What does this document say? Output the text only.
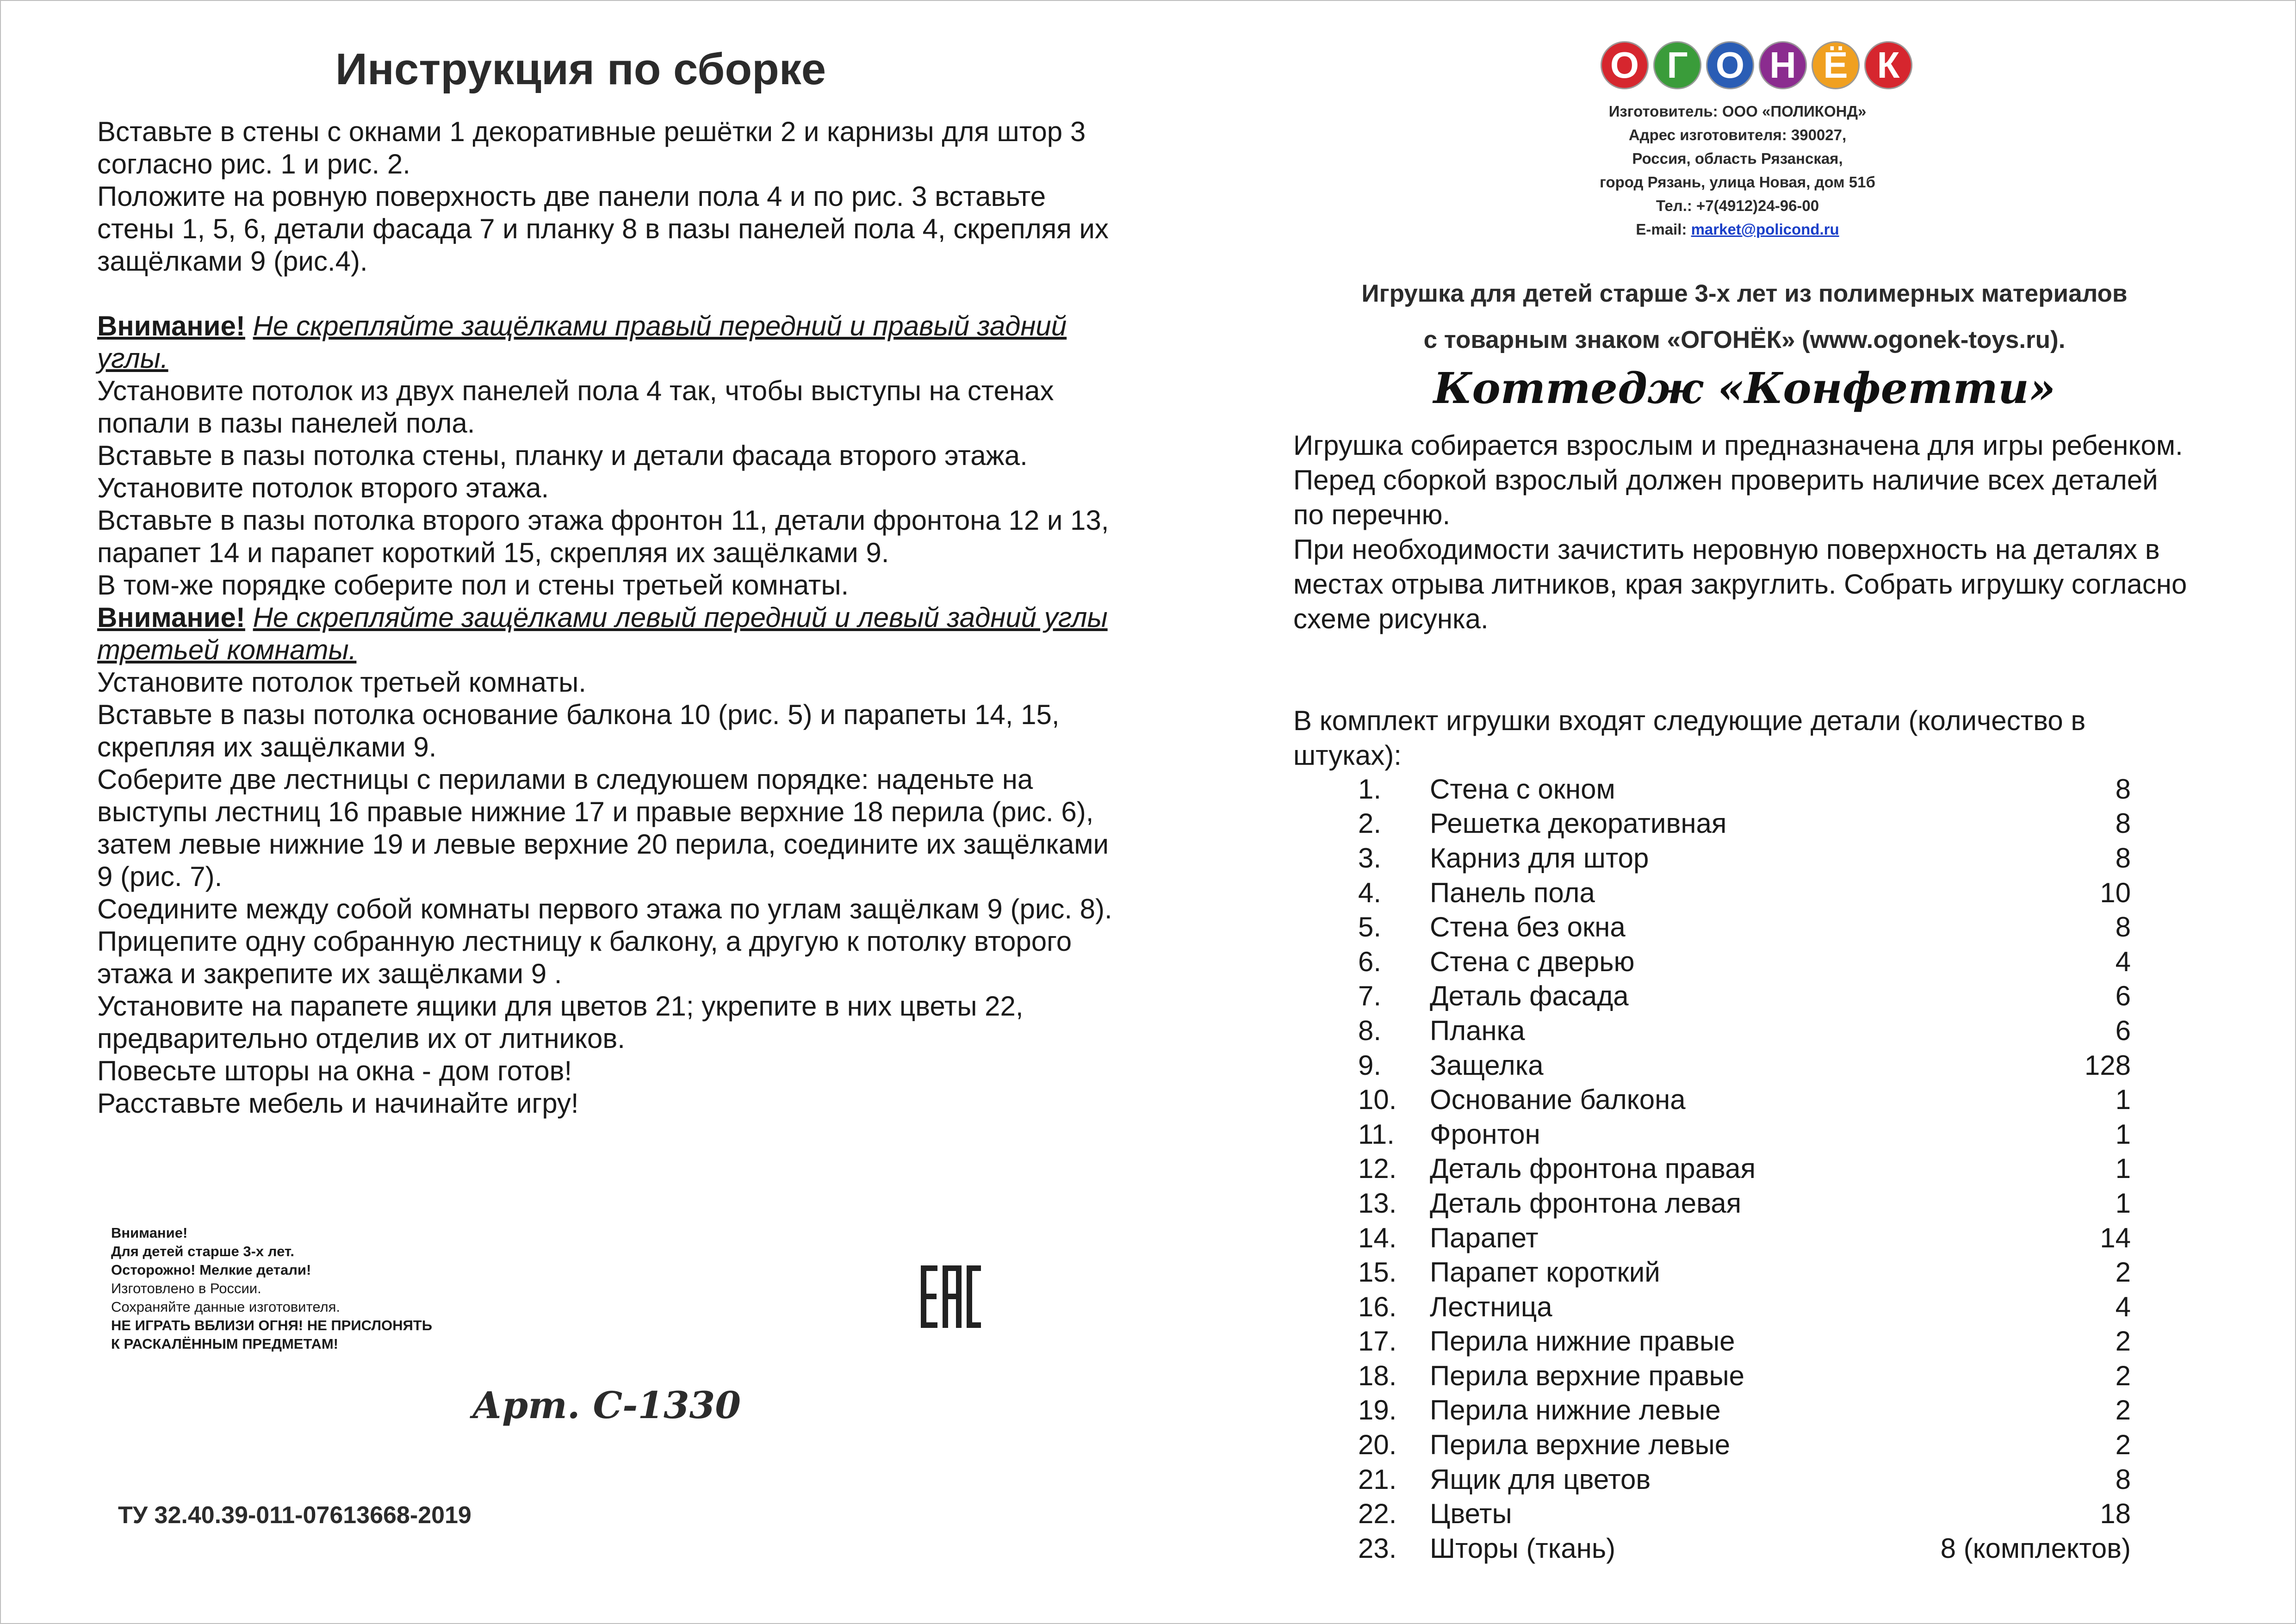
Инструкция по сборке

Вставьте в стены с окнами 1 декоративные решётки 2 и карнизы для штор 3 согласно рис. 1 и рис. 2.

Положите на ровную поверхность две панели пола 4 и по рис. 3 вставьте стены 1, 5, 6, детали фасада 7 и планку 8 в пазы панелей пола 4, скрепляя их защёлками 9 (рис.4).

Внимание! Не скрепляйте защёлками правый передний и правый задний углы.

Установите потолок из двух панелей пола 4 так, чтобы выступы на стенах попали в пазы панелей пола.

Вставьте в пазы потолка стены, планку и детали фасада второго этажа.

Установите потолок второго этажа.

Вставьте в пазы потолка второго этажа фронтон 11, детали фронтона 12 и 13, парапет 14 и парапет короткий 15, скрепляя их защёлками 9.

В том-же порядке соберите пол и стены третьей комнаты.

Внимание! Не скрепляйте защёлками левый передний и левый задний углы третьей комнаты.

Установите потолок третьей комнаты.

Вставьте в пазы потолка основание балкона 10 (рис. 5) и парапеты 14, 15, скрепляя их защёлками 9.

Соберите две лестницы с перилами в следуюшем порядке: наденьте на выступы лестниц 16 правые нижние 17 и правые верхние 18 перила (рис. 6), затем левые нижние 19 и левые верхние 20 перила, соедините их защёлками 9 (рис. 7).

Соедините между собой комнаты первого этажа по углам защёлкам 9 (рис. 8).

Прицепите одну собранную лестницу к балкону, а другую к потолку второго этажа и закрепите их защёлками 9 .

Установите на парапете ящики для цветов 21; укрепите в них цветы 22, предварительно отделив их от литников.

Повесьте шторы на окна - дом готов!

Расставьте мебель и начинайте игру!

Внимание!
Для детей старше 3-х лет.
Осторожно! Мелкие детали!
Изготовлено в России.
Сохраняйте данные изготовителя.
НЕ ИГРАТЬ ВБЛИЗИ ОГНЯ! НЕ ПРИСЛОНЯТЬ
К РАСКАЛЁННЫМ ПРЕДМЕТАМ!
Арт. С-1330
ТУ 32.40.39-011-07613668-2019
О Г О Н Ё К
Изготовитель: ООО «ПОЛИКОНД»
Адрес изготовителя: 390027,
Россия, область Рязанская,
город Рязань, улица Новая, дом 51б
Тел.: +7(4912)24-96-00
E-mail: market@policond.ru
Игрушка для детей старше 3-х лет из полимерных материалов
с товарным знаком «ОГОНЁК» (www.ogonek-toys.ru).
Коттедж «Конфетти»

Игрушка собирается взрослым и предназначена для игры ребенком.

Перед сборкой взрослый должен проверить наличие всех деталей по перечню.

При необходимости зачистить неровную поверхность на деталях в местах отрыва литников, края закруглить. Собрать игрушку согласно схеме рисунка.

В комплект игрушки входят следующие детали (количество в штуках):
1.	Стена с окном	8
2.	Решетка декоративная	8
3.	Карниз для штор	8
4.	Панель пола	10
5.	Стена без окна	8
6.	Стена с дверью	4
7.	Деталь фасада	6
8.	Планка	6
9.	Защелка	128
10.	Основание балкона	1
11.	Фронтон	1
12.	Деталь фронтона правая	1
13.	Деталь фронтона левая	1
14.	Парапет	14
15.	Парапет короткий	2
16.	Лестница	4
17.	Перила нижние правые	2
18.	Перила верхние правые	2
19.	Перила нижние левые	2
20.	Перила верхние левые	2
21.	Ящик для цветов	8
22.	Цветы	18
23.	Шторы (ткань)	8 (комплектов)
